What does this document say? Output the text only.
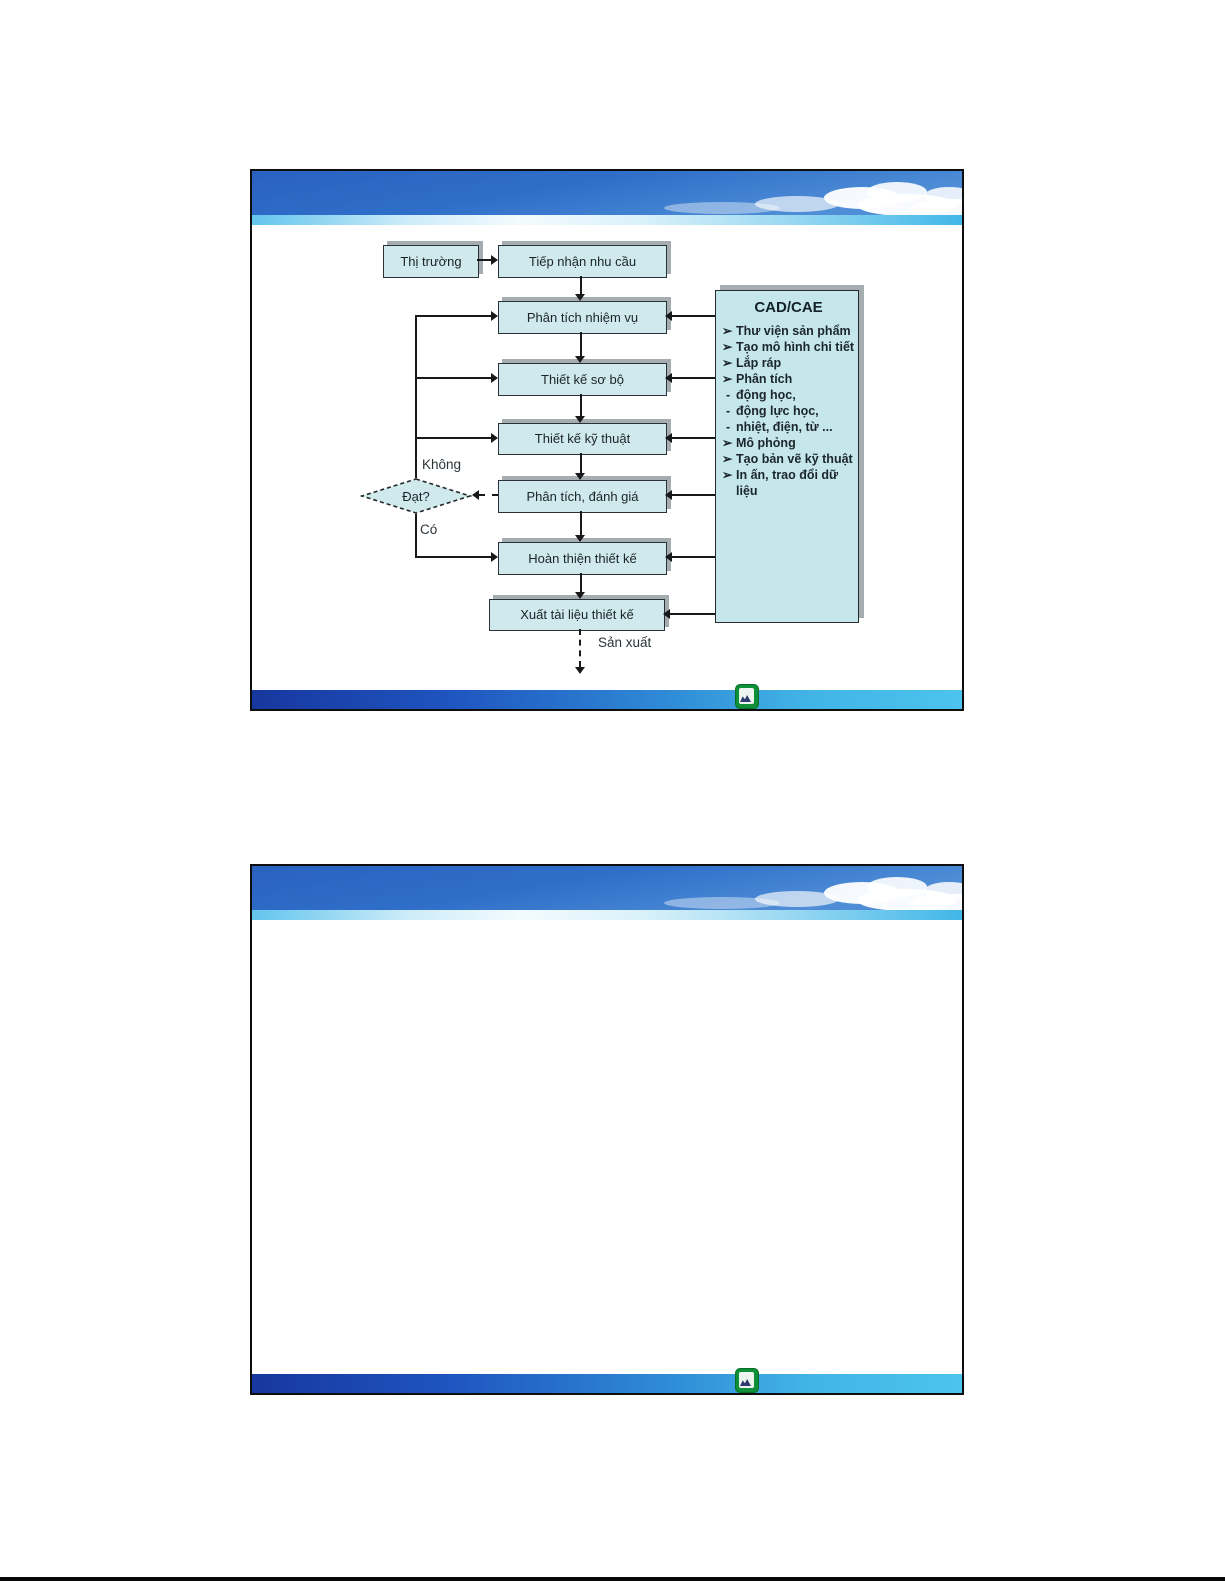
Thị trường	Tiếp nhận nhu cầu
Phân tích nhiệm vụ
Thiết kế sơ bộ
Thiết kế kỹ thuật
Phân tích, đánh giá
Hoàn thiện thiết kế
Xuất tài liệu thiết kế
Đạt?
Sản xuất
Không
Có
CAD/CAE
➢ Thư viện sản phẩm
➢ Tạo mô hình chi tiết
➢ Lắp ráp
➢ Phân tích
- động học,
- động lực học,
- nhiệt, điện, từ ...
➢ Mô phỏng
➢ Tạo bản vẽ kỹ thuật
➢ In ấn, trao đổi dữ liệu
